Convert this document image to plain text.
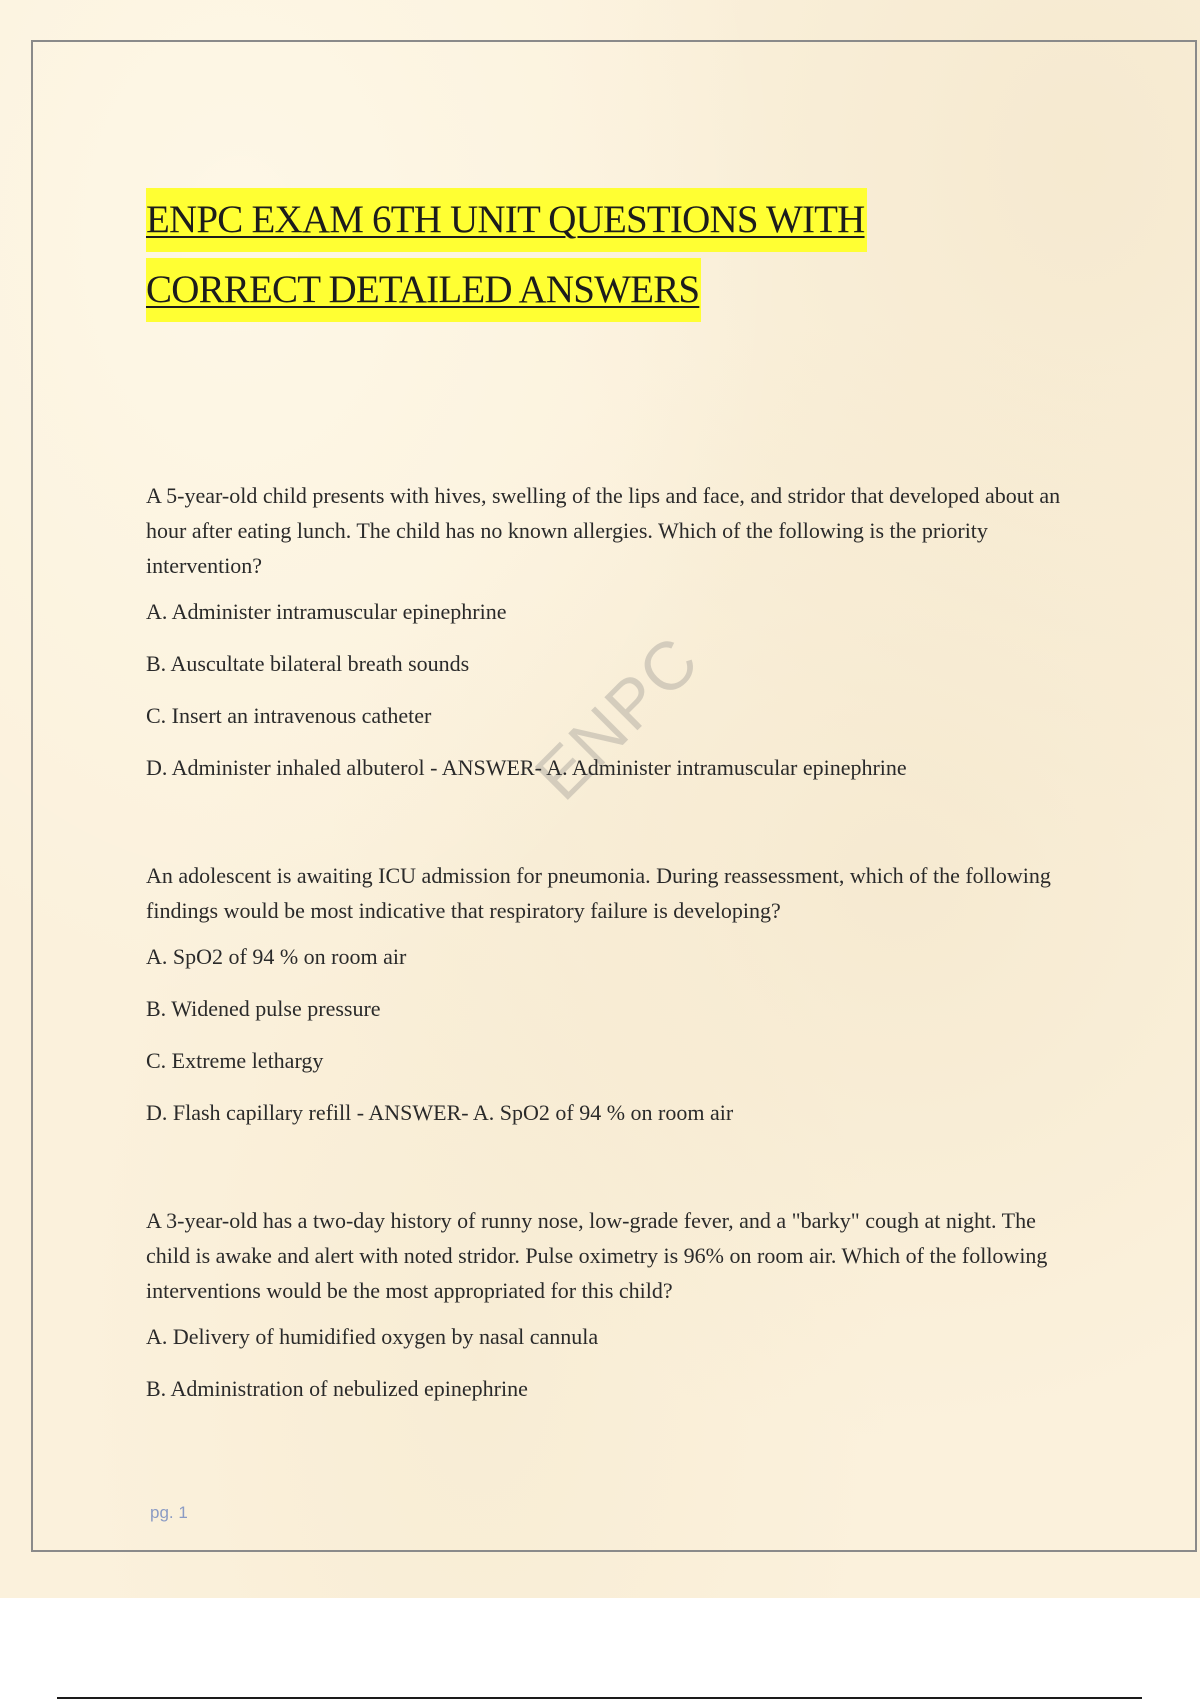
ENPC EXAM 6TH UNIT QUESTIONS WITH
CORRECT DETAILED ANSWERS
ENPC

A 5-year-old child presents with hives, swelling of the lips and face, and stridor that developed about an
hour after eating lunch. The child has no known allergies. Which of the following is the priority
intervention?

A. Administer intramuscular epinephrine

B. Auscultate bilateral breath sounds

C. Insert an intravenous catheter

D. Administer inhaled albuterol - ANSWER- A. Administer intramuscular epinephrine

An adolescent is awaiting ICU admission for pneumonia. During reassessment, which of the following
findings would be most indicative that respiratory failure is developing?

A. SpO2 of 94 % on room air

B. Widened pulse pressure

C. Extreme lethargy

D. Flash capillary refill - ANSWER- A. SpO2 of 94 % on room air

A 3-year-old has a two-day history of runny nose, low-grade fever, and a "barky" cough at night. The
child is awake and alert with noted stridor. Pulse oximetry is 96% on room air. Which of the following
interventions would be the most appropriated for this child?

A. Delivery of humidified oxygen by nasal cannula

B. Administration of nebulized epinephrine

pg. 1
